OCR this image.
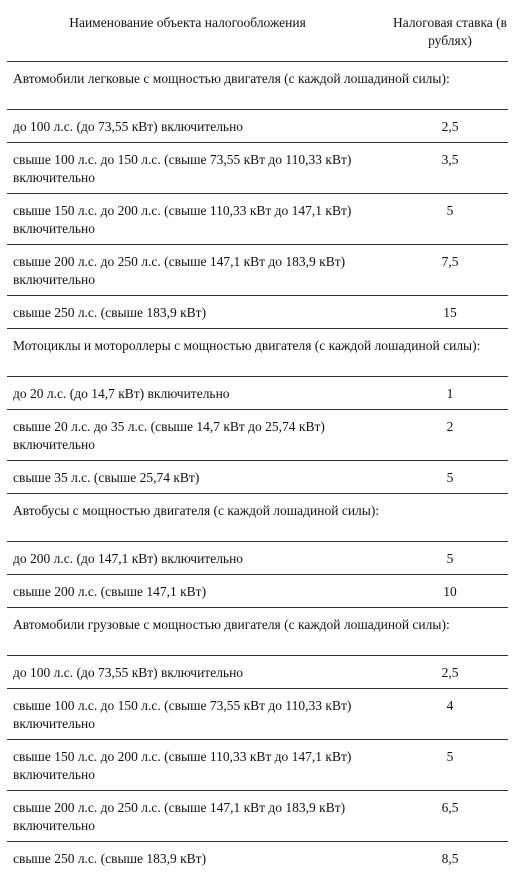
Наименование объекта налогообложения	Налоговая ставка (в рублях)
Автомобили легковые с мощностью двигателя (с каждой лошадиной силы):	
до 100 л.с. (до 73,55 кВт) включительно	2,5
свыше 100 л.с. до 150 л.с. (свыше 73,55 кВт до 110,33 кВт) включительно	3,5
свыше 150 л.с. до 200 л.с. (свыше 110,33 кВт до 147,1 кВт) включительно	5
свыше 200 л.с. до 250 л.с. (свыше 147,1 кВт до 183,9 кВт) включительно	7,5
свыше 250 л.с. (свыше 183,9 кВт)	15
Мотоциклы и мотороллеры с мощностью двигателя (с каждой лошадиной силы):	
до 20 л.с. (до 14,7 кВт) включительно	1
свыше 20 л.с. до 35 л.с. (свыше 14,7 кВт до 25,74 кВт) включительно	2
свыше 35 л.с. (свыше 25,74 кВт)	5
Автобусы с мощностью двигателя (с каждой лошадиной силы):	
до 200 л.с. (до 147,1 кВт) включительно	5
свыше 200 л.с. (свыше 147,1 кВт)	10
Автомобили грузовые с мощностью двигателя (с каждой лошадиной силы):	
до 100 л.с. (до 73,55 кВт) включительно	2,5
свыше 100 л.с. до 150 л.с. (свыше 73,55 кВт до 110,33 кВт) включительно	4
свыше 150 л.с. до 200 л.с. (свыше 110,33 кВт до 147,1 кВт) включительно	5
свыше 200 л.с. до 250 л.с. (свыше 147,1 кВт до 183,9 кВт) включительно	6,5
свыше 250 л.с. (свыше 183,9 кВт)	8,5
